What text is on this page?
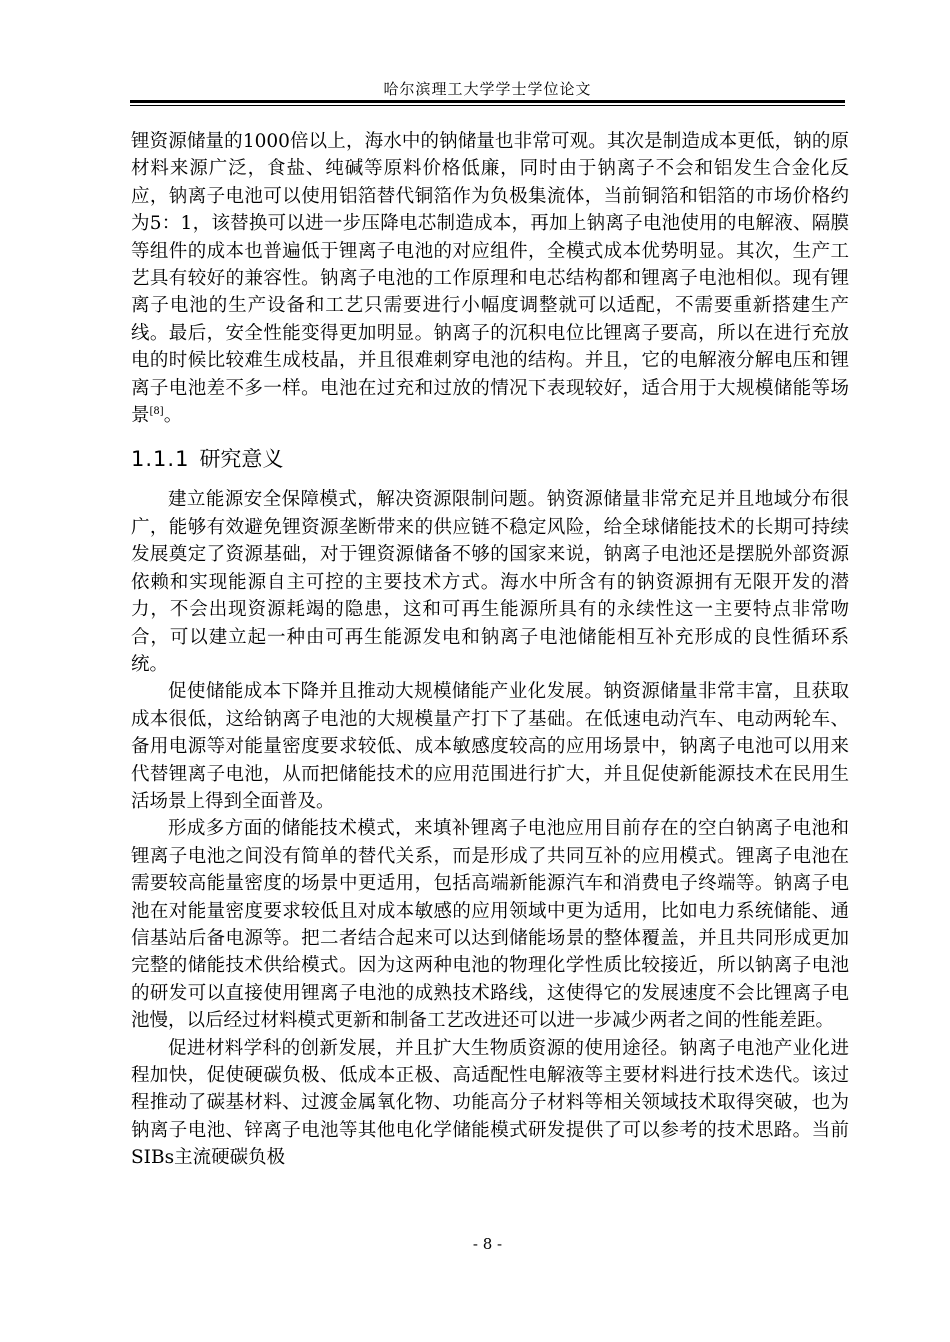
哈尔滨理工大学学士学位论文

锂资源储量的1000倍以上，海水中的钠储量也非常可观。其次是制造成本更低，钠的原材料来源广泛，食盐、纯碱等原料价格低廉，同时由于钠离子不会和铝发生合金化反应，钠离子电池可以使用铝箔替代铜箔作为负极集流体，当前铜箔和铝箔的市场价格约为5：1，该替换可以进一步压降电芯制造成本，再加上钠离子电池使用的电解液、隔膜等组件的成本也普遍低于锂离子电池的对应组件，全模式成本优势明显。其次，生产工艺具有较好的兼容性。钠离子电池的工作原理和电芯结构都和锂离子电池相似。现有锂离子电池的生产设备和工艺只需要进行小幅度调整就可以适配，不需要重新搭建生产线。最后，安全性能变得更加明显。钠离子的沉积电位比锂离子要高，所以在进行充放电的时候比较难生成枝晶，并且很难刺穿电池的结构。并且，它的电解液分解电压和锂离子电池差不多一样。电池在过充和过放的情况下表现较好，适合用于大规模储能等场景[8]。

1.1.1 研究意义

建立能源安全保障模式，解决资源限制问题。钠资源储量非常充足并且地域分布很广，能够有效避免锂资源垄断带来的供应链不稳定风险，给全球储能技术的长期可持续发展奠定了资源基础，对于锂资源储备不够的国家来说，钠离子电池还是摆脱外部资源依赖和实现能源自主可控的主要技术方式。海水中所含有的钠资源拥有无限开发的潜力，不会出现资源耗竭的隐患，这和可再生能源所具有的永续性这一主要特点非常吻合，可以建立起一种由可再生能源发电和钠离子电池储能相互补充形成的良性循环系统。

促使储能成本下降并且推动大规模储能产业化发展。钠资源储量非常丰富，且获取成本很低，这给钠离子电池的大规模量产打下了基础。在低速电动汽车、电动两轮车、备用电源等对能量密度要求较低、成本敏感度较高的应用场景中，钠离子电池可以用来代替锂离子电池，从而把储能技术的应用范围进行扩大，并且促使新能源技术在民用生活场景上得到全面普及。

形成多方面的储能技术模式，来填补锂离子电池应用目前存在的空白钠离子电池和锂离子电池之间没有简单的替代关系，而是形成了共同互补的应用模式。锂离子电池在需要较高能量密度的场景中更适用，包括高端新能源汽车和消费电子终端等。钠离子电池在对能量密度要求较低且对成本敏感的应用领域中更为适用，比如电力系统储能、通信基站后备电源等。把二者结合起来可以达到储能场景的整体覆盖，并且共同形成更加完整的储能技术供给模式。因为这两种电池的物理化学性质比较接近，所以钠离子电池的研发可以直接使用锂离子电池的成熟技术路线，这使得它的发展速度不会比锂离子电池慢，以后经过材料模式更新和制备工艺改进还可以进一步减少两者之间的性能差距。

促进材料学科的创新发展，并且扩大生物质资源的使用途径。钠离子电池产业化进程加快，促使硬碳负极、低成本正极、高适配性电解液等主要材料进行技术迭代。该过程推动了碳基材料、过渡金属氧化物、功能高分子材料等相关领域技术取得突破，也为钠离子电池、锌离子电池等其他电化学储能模式研发提供了可以参考的技术思路。当前SIBs主流硬碳负极

- 8 -
